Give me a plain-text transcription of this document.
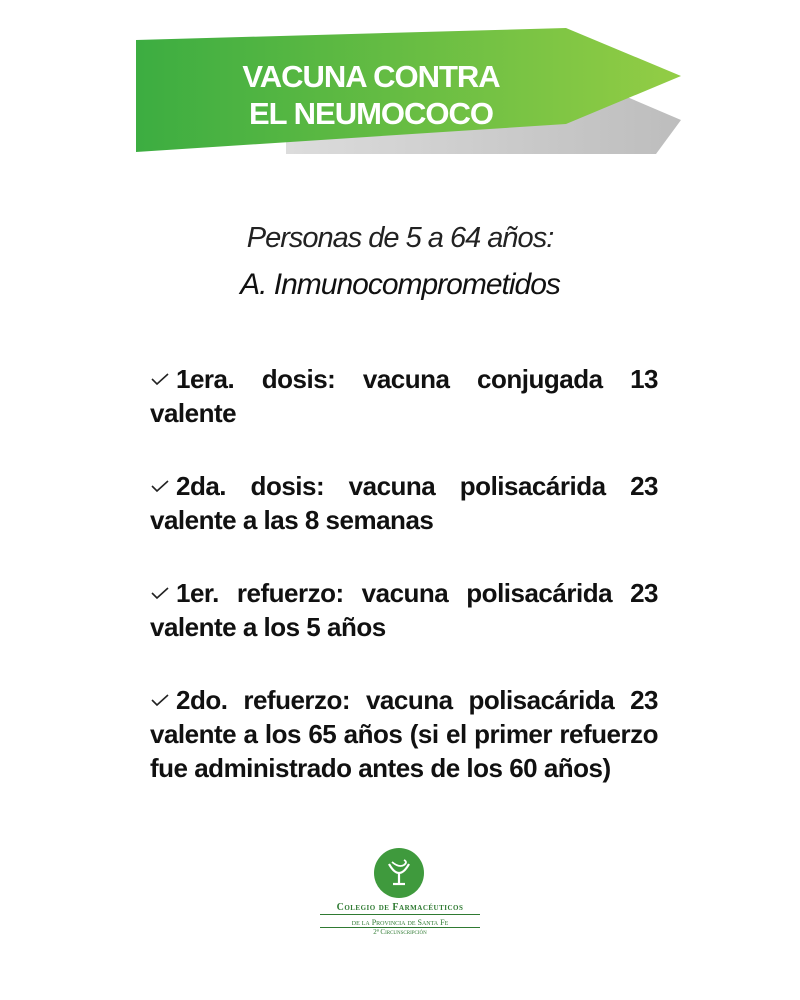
VACUNA CONTRA
EL NEUMOCOCO
Personas de 5 a 64 años:
A. Inmunocomprometidos
1era. dosis: vacuna conjugada 13 valente
2da. dosis: vacuna polisacárida 23 valente a las 8 semanas
1er. refuerzo: vacuna polisacárida 23 valente a los 5 años
2do. refuerzo: vacuna polisacárida 23 valente a los 65 años (si el primer refuerzo fue administrado antes de los 60 años)
Colegio de Farmacéuticos
de la Provincia de Santa Fe
2ª Circunscripción
